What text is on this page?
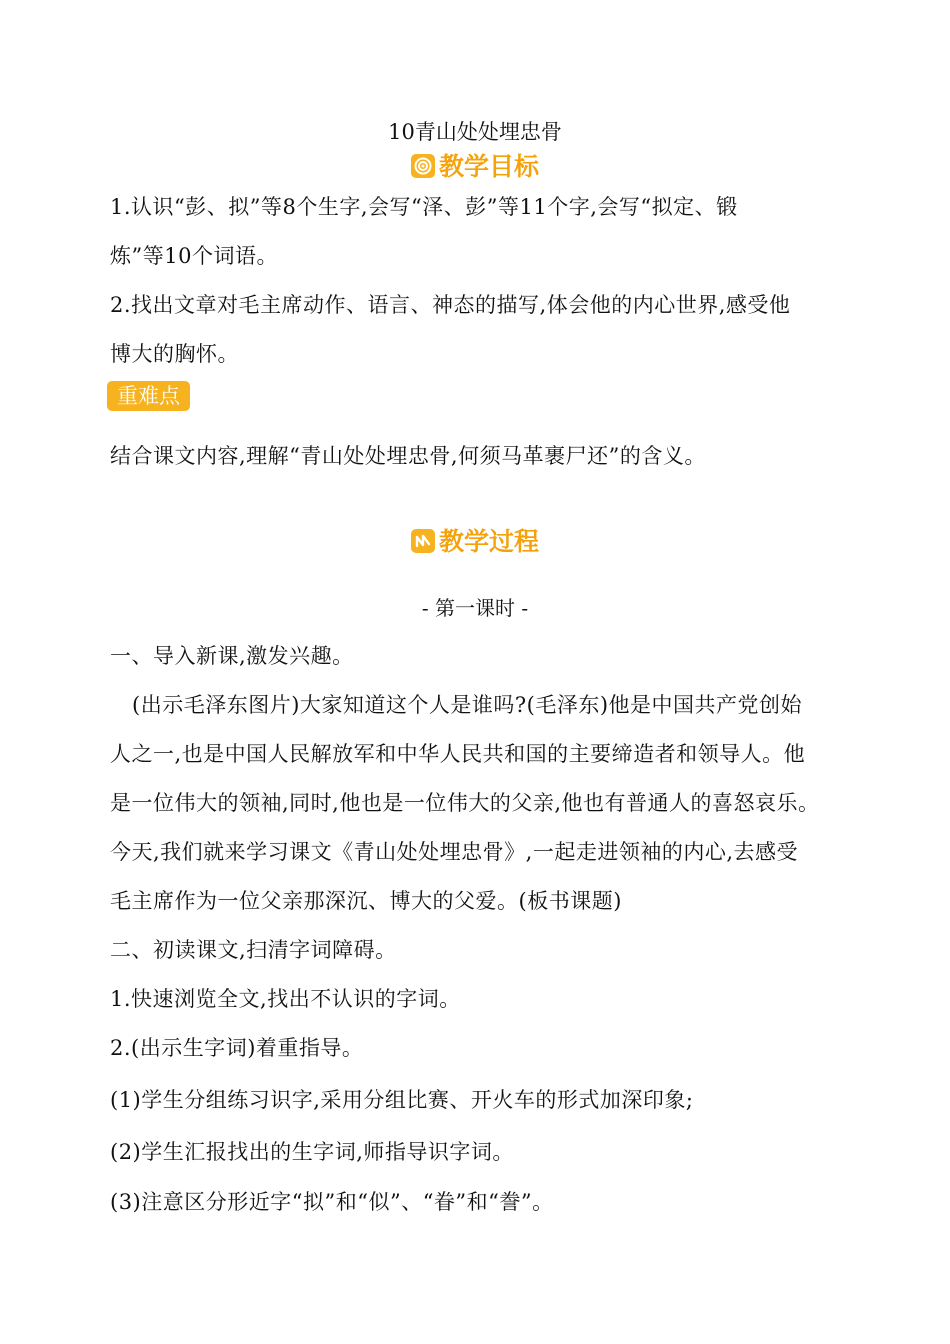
10青山处处埋忠骨
教学目标
1.认识“彭、拟”等8个生字,会写“泽、彭”等11个字,会写“拟定、锻
炼”等10个词语。
2.找出文章对毛主席动作、语言、神态的描写,体会他的内心世界,感受他
博大的胸怀。
重难点
结合课文内容,理解“青山处处埋忠骨,何须马革裹尸还”的含义。
教学过程
- 第一课时 -
一、导入新课,激发兴趣。
(出示毛泽东图片)大家知道这个人是谁吗?(毛泽东)他是中国共产党创始
人之一,也是中国人民解放军和中华人民共和国的主要缔造者和领导人。他
是一位伟大的领袖,同时,他也是一位伟大的父亲,他也有普通人的喜怒哀乐。
今天,我们就来学习课文《青山处处埋忠骨》,一起走进领袖的内心,去感受
毛主席作为一位父亲那深沉、博大的父爱。(板书课题)
二、初读课文,扫清字词障碍。
1.快速浏览全文,找出不认识的字词。
2.(出示生字词)着重指导。
(1)学生分组练习识字,采用分组比赛、开火车的形式加深印象;
(2)学生汇报找出的生字词,师指导识字词。
(3)注意区分形近字“拟”和“似”、“眷”和“誊”。
